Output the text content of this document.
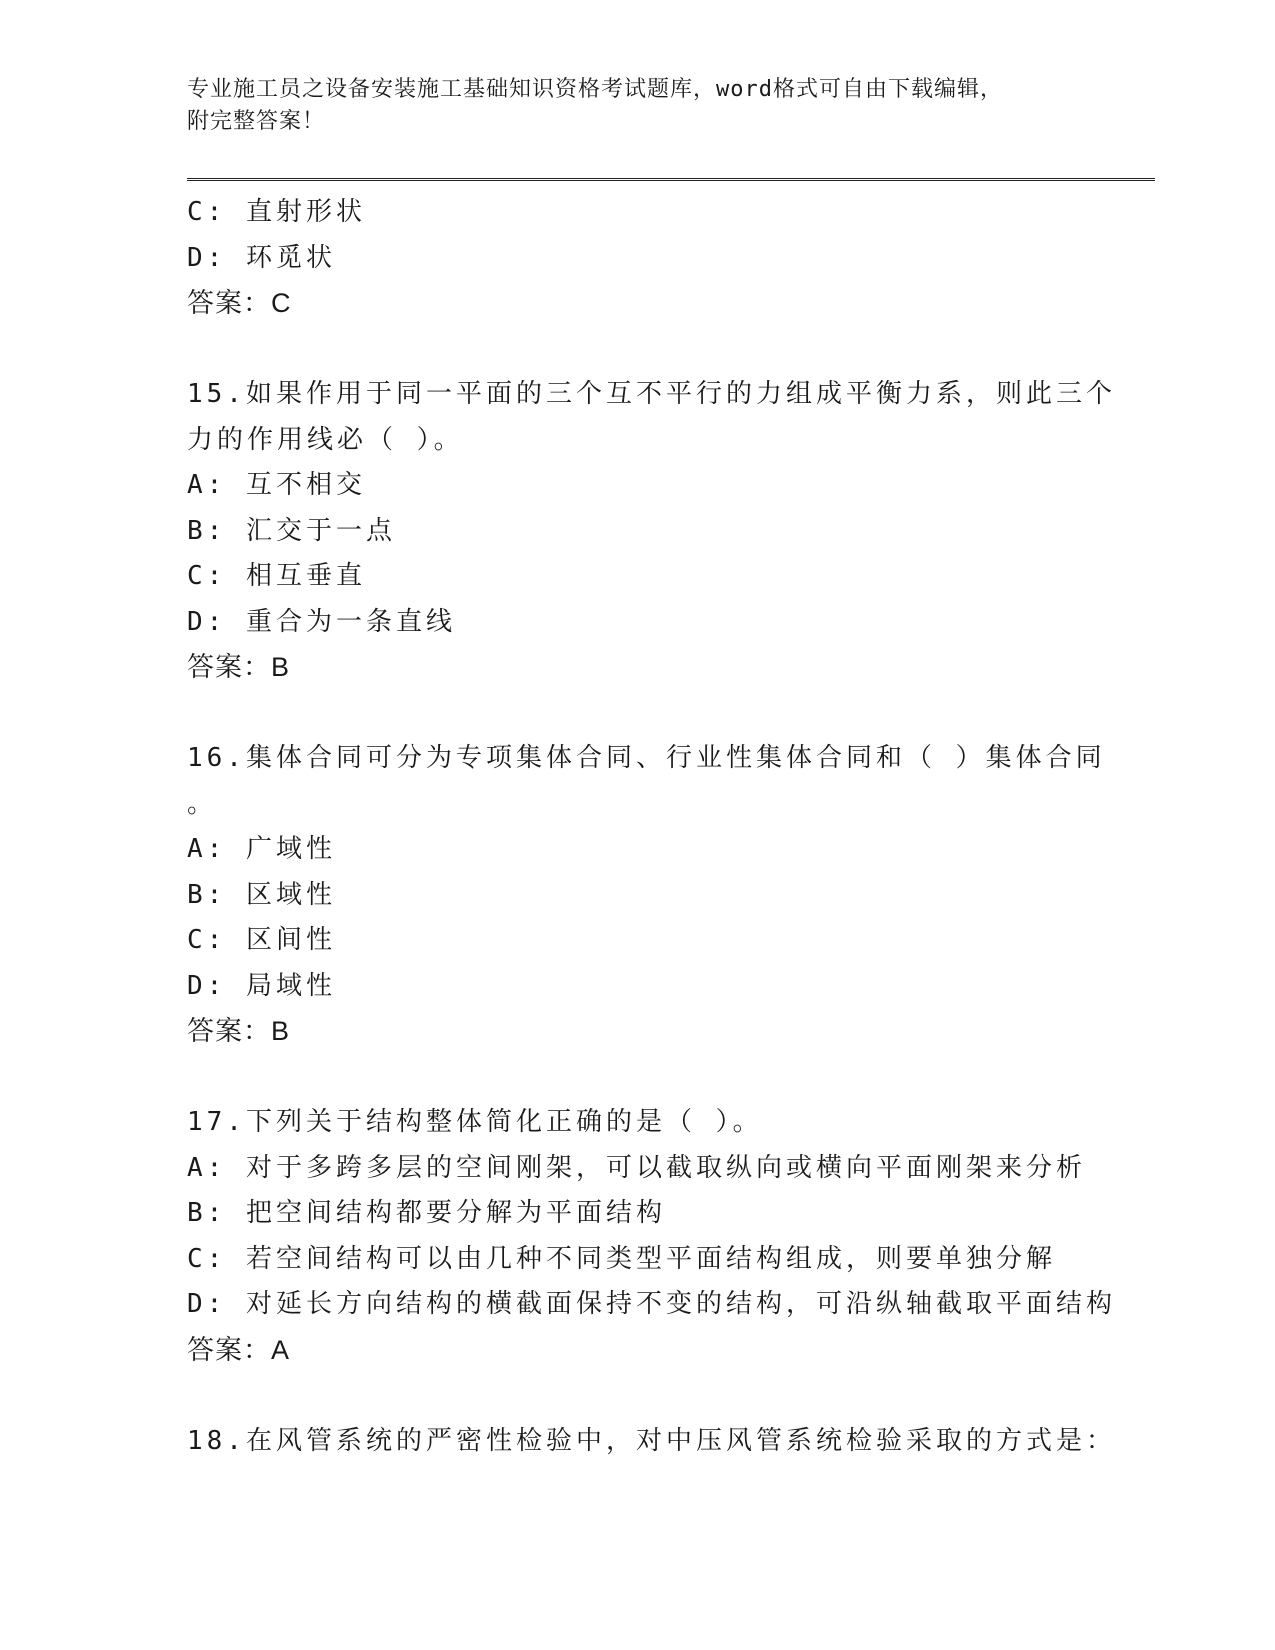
专业施工员之设备安装施工基础知识资格考试题库，word格式可自由下载编辑，
附完整答案！
C: 直射形状
D: 环觅状
答案：C
15.如果作用于同一平面的三个互不平行的力组成平衡力系，则此三个
力的作用线必（ ）。
A: 互不相交
B: 汇交于一点
C: 相互垂直
D: 重合为一条直线
答案：B
16.集体合同可分为专项集体合同、行业性集体合同和（ ）集体合同
。
A: 广域性
B: 区域性
C: 区间性
D: 局域性
答案：B
17.下列关于结构整体简化正确的是（ ）。
A: 对于多跨多层的空间刚架，可以截取纵向或横向平面刚架来分析
B: 把空间结构都要分解为平面结构
C: 若空间结构可以由几种不同类型平面结构组成，则要单独分解
D: 对延长方向结构的横截面保持不变的结构，可沿纵轴截取平面结构
答案：A
18.在风管系统的严密性检验中，对中压风管系统检验采取的方式是：
